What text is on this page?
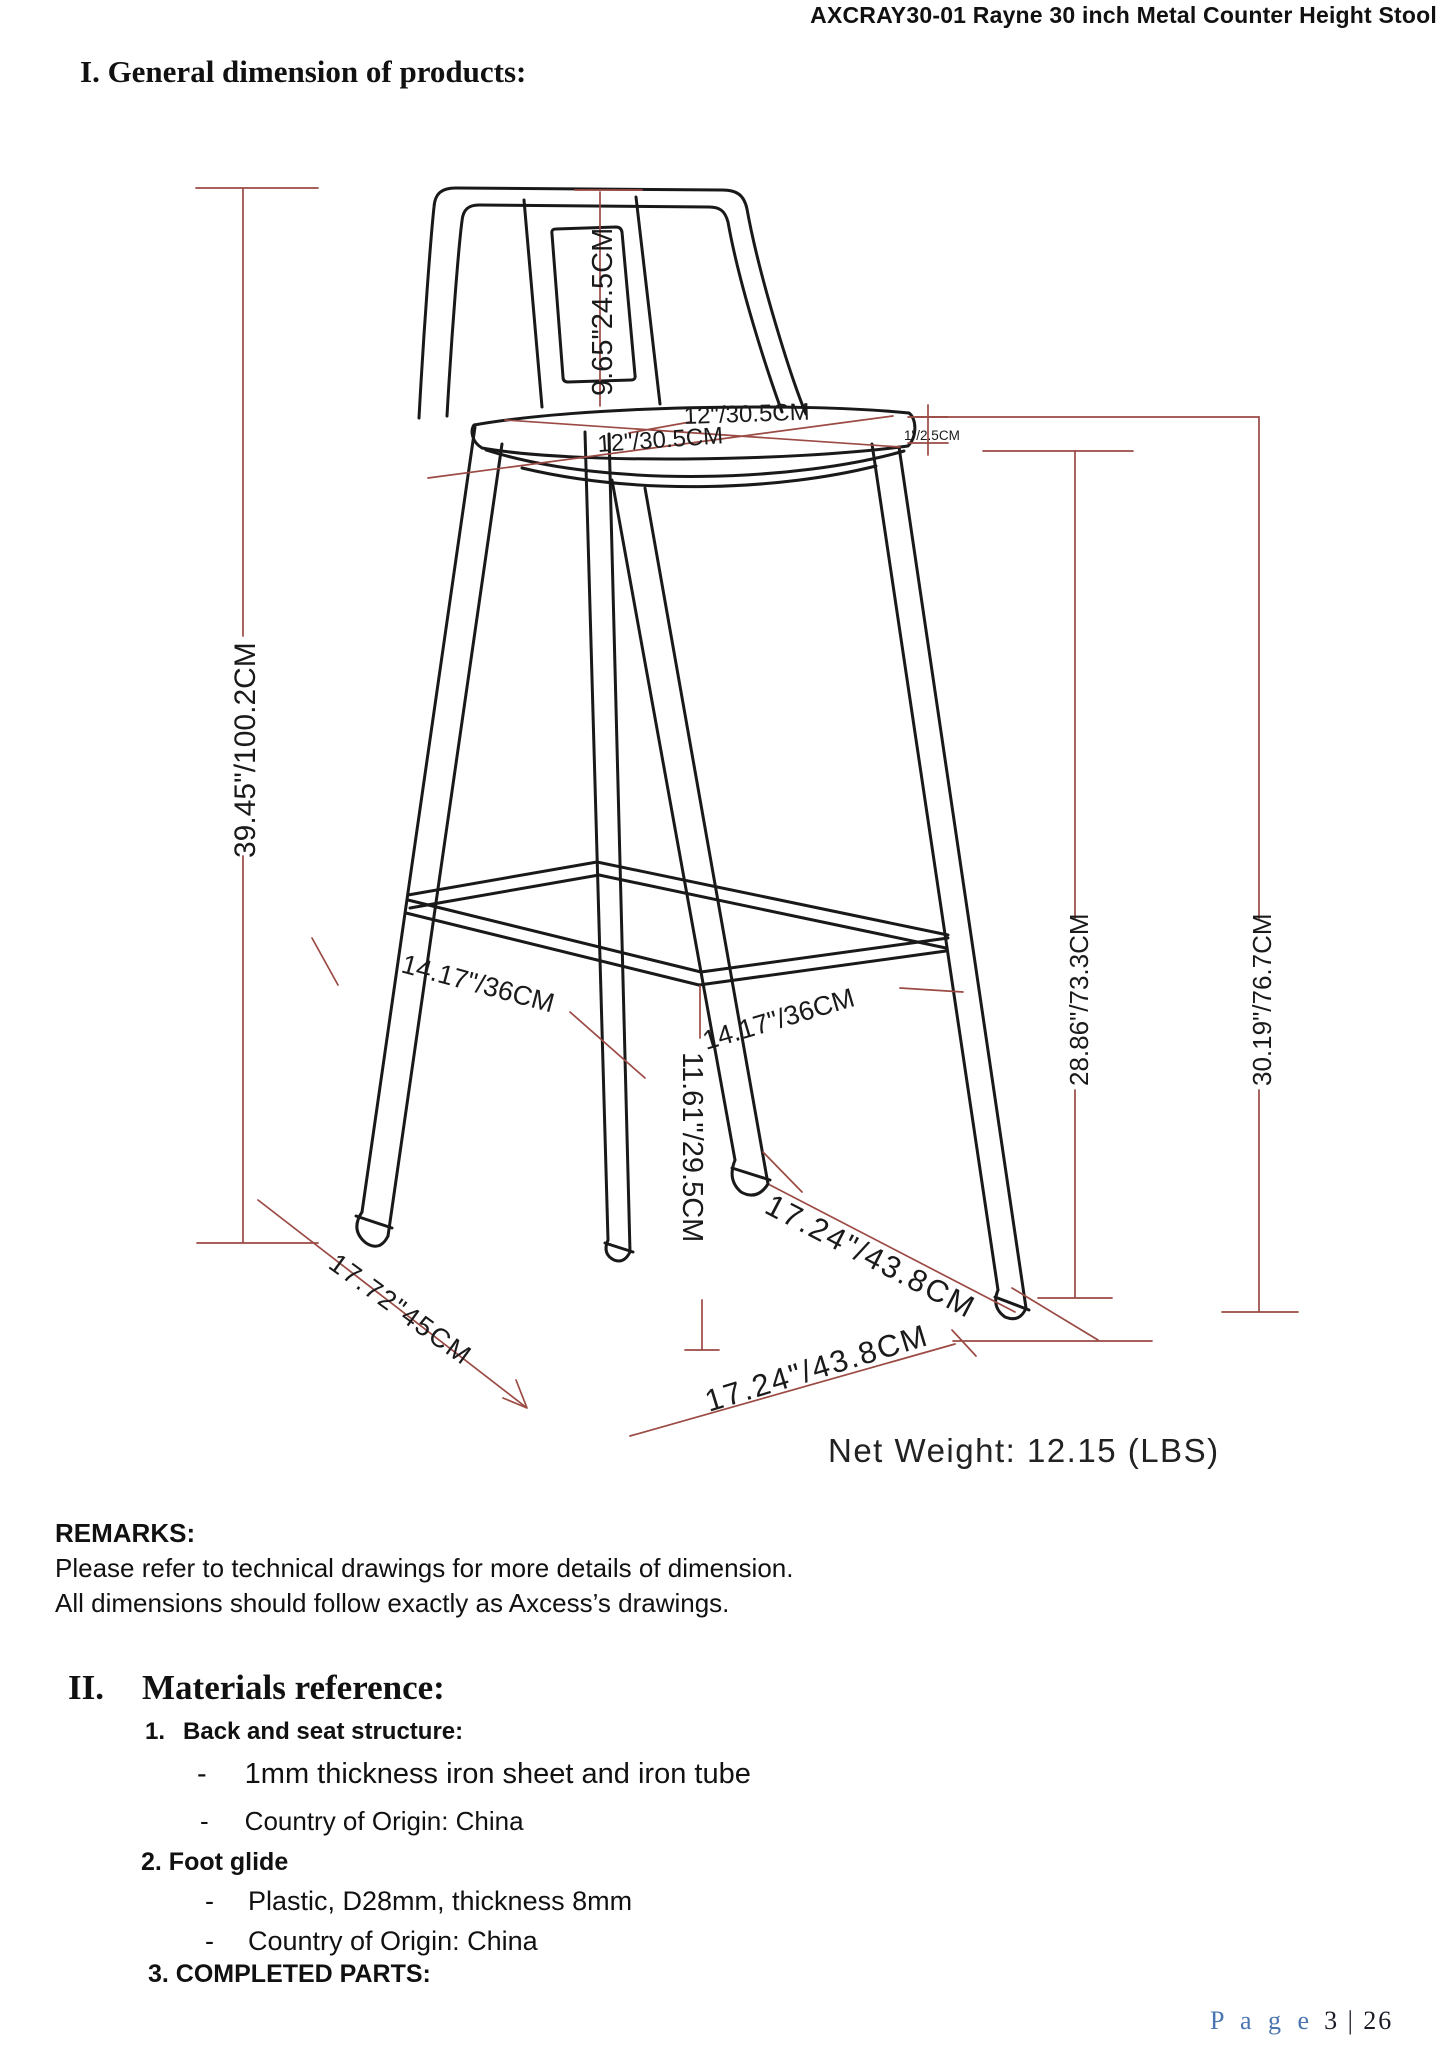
AXCRAY30-01 Rayne 30 inch Metal Counter Height Stool
I. General dimension of products:
39.45"/100.2CM
9.65"24.5CM
12"/30.5CM
12"/30.5CM	1"/2.5CM
14.17"/36CM	14.17"/36CM
11.61"/29.5CM
17.24"/43.8CM
17.24"/43.8CM
17.72"45CM
28.86"/73.3CM	30.19"/76.7CM
Net Weight: 12.15 (LBS)
REMARKS:
Please refer to technical drawings for more details of dimension.
All dimensions should follow exactly as Axcess’s drawings.
II. Materials reference:
1. Back and seat structure:
- 1mm thickness iron sheet and iron tube
- Country of Origin: China
2. Foot glide
- Plastic, D28mm, thickness 8mm
- Country of Origin: China
3. COMPLETED PARTS:
P a g e 3 | 26
